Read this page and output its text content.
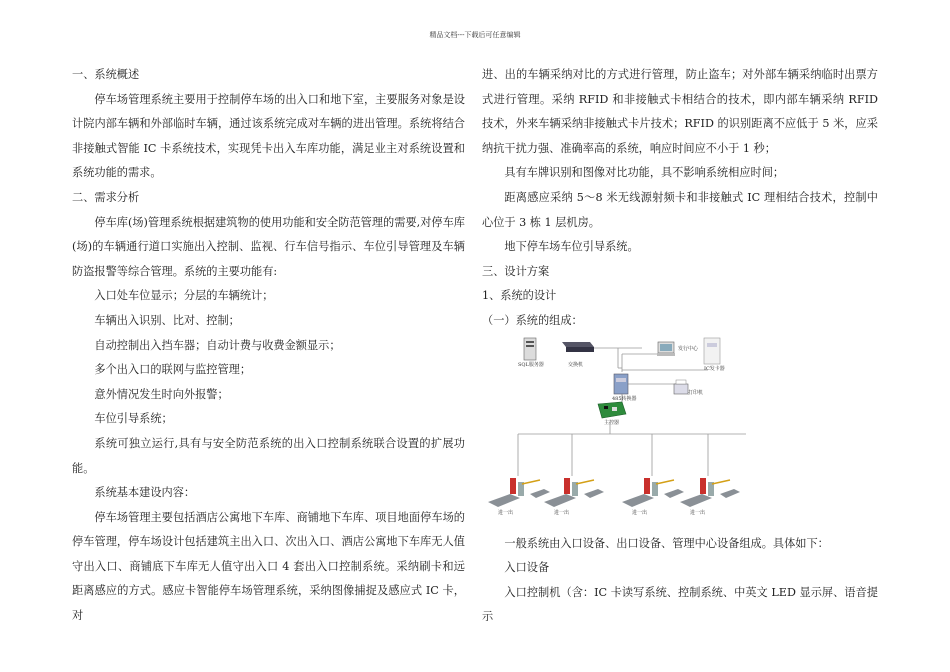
精品文档---下载后可任意编辑

一、系统概述

停车场管理系统主要用于控制停车场的出入口和地下室，主要服务对象是设计院内部车辆和外部临时车辆，通过该系统完成对车辆的进出管理。系统将结合非接触式智能 IC 卡系统技术，实现凭卡出入车库功能，满足业主对系统设置和系统功能的需求。

二、需求分析

停车库(场)管理系统根据建筑物的使用功能和安全防范管理的需要,对停车库(场)的车辆通行道口实施出入控制、监视、行车信号指示、车位引导管理及车辆防盗报警等综合管理。系统的主要功能有:

入口处车位显示；分层的车辆统计；

车辆出入识别、比对、控制；

自动控制出入挡车器；自动计费与收费金额显示；

多个出入口的联网与监控管理；

意外情况发生时向外报警；

车位引导系统；

系统可独立运行,具有与安全防范系统的出入口控制系统联合设置的扩展功能。

系统基本建设内容：

停车场管理主要包括酒店公寓地下车库、商铺地下车库、项目地面停车场的停车管理，停车场设计包括建筑主出入口、次出入口、酒店公寓地下车库无人值守出入口、商铺底下车库无人值守出入口 4 套出入口控制系统。采纳刷卡和远距离感应的方式。感应卡智能停车场管理系统，采纳图像捕捉及感应式 IC 卡，对

进、出的车辆采纳对比的方式进行管理，防止盗车；对外部车辆采纳临时出票方式进行管理。采纳 RFID 和非接触式卡相结合的技术，即内部车辆采纳 RFID 技术，外来车辆采纳非接触式卡片技术；RFID 的识别距离不应低于 5 米，应采纳抗干扰力强、准确率高的系统，响应时间应不小于 1 秒；

具有车牌识别和图像对比功能，具不影响系统相应时间；

距离感应采纳 5～8 米无线源射频卡和非接触式 IC 理相结合技术，控制中心位于 3 栋 1 层机房。

地下停车场车位引导系统。

三、设计方案

1、系统的设计

（一）系统的组成：

SQL服务器	交换机
发行中心
IC发卡器
485转换器
打印机
主控器
进一出	进一出	进一出	进一出

一般系统由入口设备、出口设备、管理中心设备组成。具体如下：

入口设备

入口控制机（含：IC 卡读写系统、控制系统、中英文 LED 显示屏、语音提示
